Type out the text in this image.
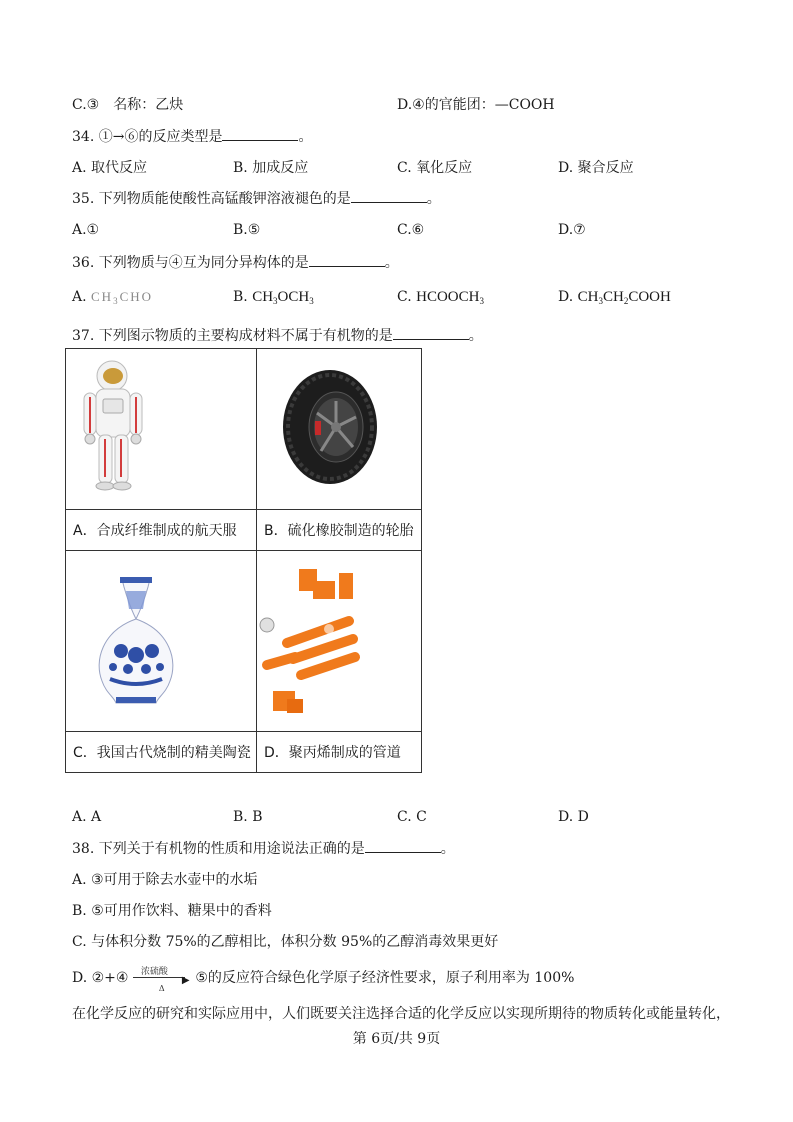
C.③　名称：乙炔	D.④的官能团：—COOH
34. ①→⑥的反应类型是	。
A. 取代反应	B. 加成反应	C. 氧化反应	D. 聚合反应
35. 下列物质能使酸性高锰酸钾溶液褪色的是	。
A.①	B.⑤	C.⑥	D.⑦
36. 下列物质与④互为同分异构体的是	。
A. $CH_3CHO$	B. $CH_3OCH_3$	C. $HCOOCH_3$	D. $CH_3CH_2COOH$
37. 下列图示物质的主要构成材料不属于有机物的是	。

A．合成纤维制成的航天服	B．硫化橡胶制造的轮胎

C．我国古代烧制的精美陶瓷	D．聚丙烯制成的管道
A. A	B. B	C. C	D. D
38. 下列关于有机物的性质和用途说法正确的是	。
A. ③可用于除去水壶中的水垢
B. ⑤可用作饮料、糖果中的香料
C. 与体积分数 75%的乙醇相比，体积分数 95%的乙醇消毒效果更好
D. ②+④ 浓硫酸
▶
Δ
⑤的反应符合绿色化学原子经济性要求，原子利用率为 100%
在化学反应的研究和实际应用中，人们既要关注选择合适的化学反应以实现所期待的物质转化或能量转化，
第 6页/共 9页
